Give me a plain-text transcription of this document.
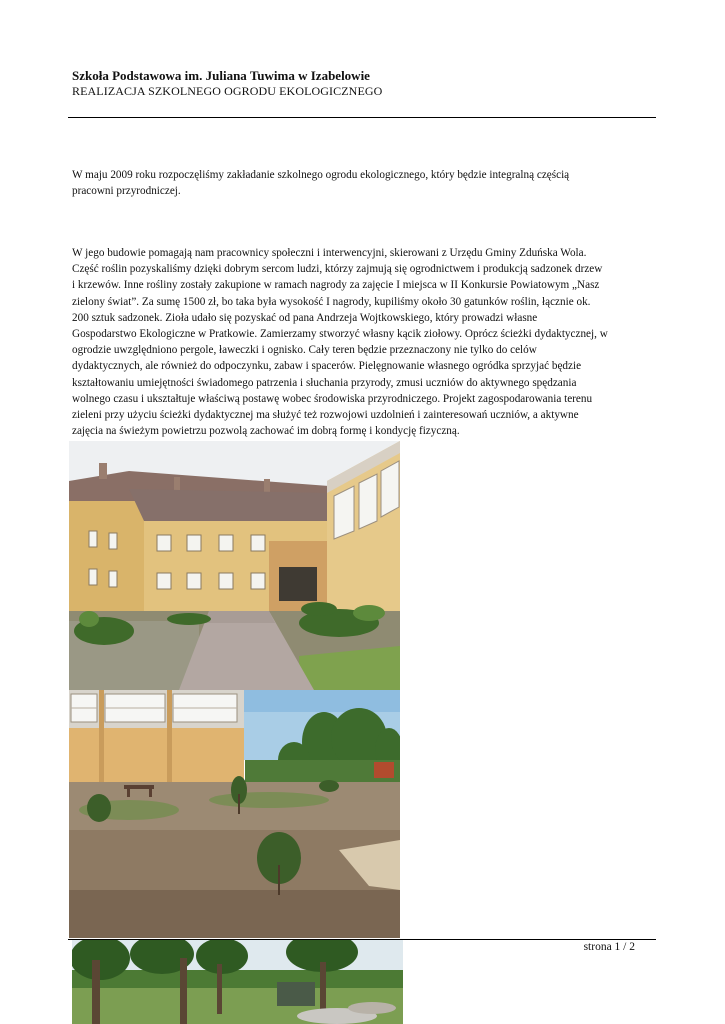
Szkoła Podstawowa im. Juliana Tuwima w Izabelowie
REALIZACJA SZKOLNEGO OGRODU EKOLOGICZNEGO
W maju 2009 roku rozpoczęliśmy zakładanie szkolnego ogrodu ekologicznego, który będzie integralną częścią
pracowni przyrodniczej.
W jego budowie pomagają nam pracownicy społeczni i interwencyjni, skierowani z Urzędu Gminy Zduńska Wola.
Część roślin pozyskaliśmy dzięki dobrym sercom ludzi, którzy zajmują się ogrodnictwem i produkcją sadzonek drzew
i krzewów. Inne rośliny zostały zakupione w ramach nagrody za zajęcie I miejsca w II Konkursie Powiatowym „Nasz
zielony świat”. Za sumę 1500 zł, bo taka była wysokość I nagrody, kupiliśmy około 30 gatunków roślin, łącznie ok.
200 sztuk sadzonek. Zioła udało się pozyskać od pana Andrzeja Wojtkowskiego, który prowadzi własne
Gospodarstwo Ekologiczne w Pratkowie. Zamierzamy stworzyć własny kącik ziołowy. Oprócz ścieżki dydaktycznej, w
ogrodzie uwzględniono pergole, ławeczki i ognisko. Cały teren będzie przeznaczony nie tylko do celów
dydaktycznych, ale również do odpoczynku, zabaw i spacerów. Pielęgnowanie własnego ogródka sprzyjać będzie
kształtowaniu umiejętności świadomego patrzenia i słuchania przyrody, zmusi uczniów do aktywnego spędzania
wolnego czasu i ukształtuje właściwą postawę wobec środowiska przyrodniczego. Projekt zagospodarowania terenu
zieleni przy użyciu ścieżki dydaktycznej ma służyć też rozwojowi uzdolnień i zainteresowań uczniów, a aktywne
zajęcia na świeżym powietrzu pozwolą zachować im dobrą formę i kondycję fizyczną.
strona 1 / 2
